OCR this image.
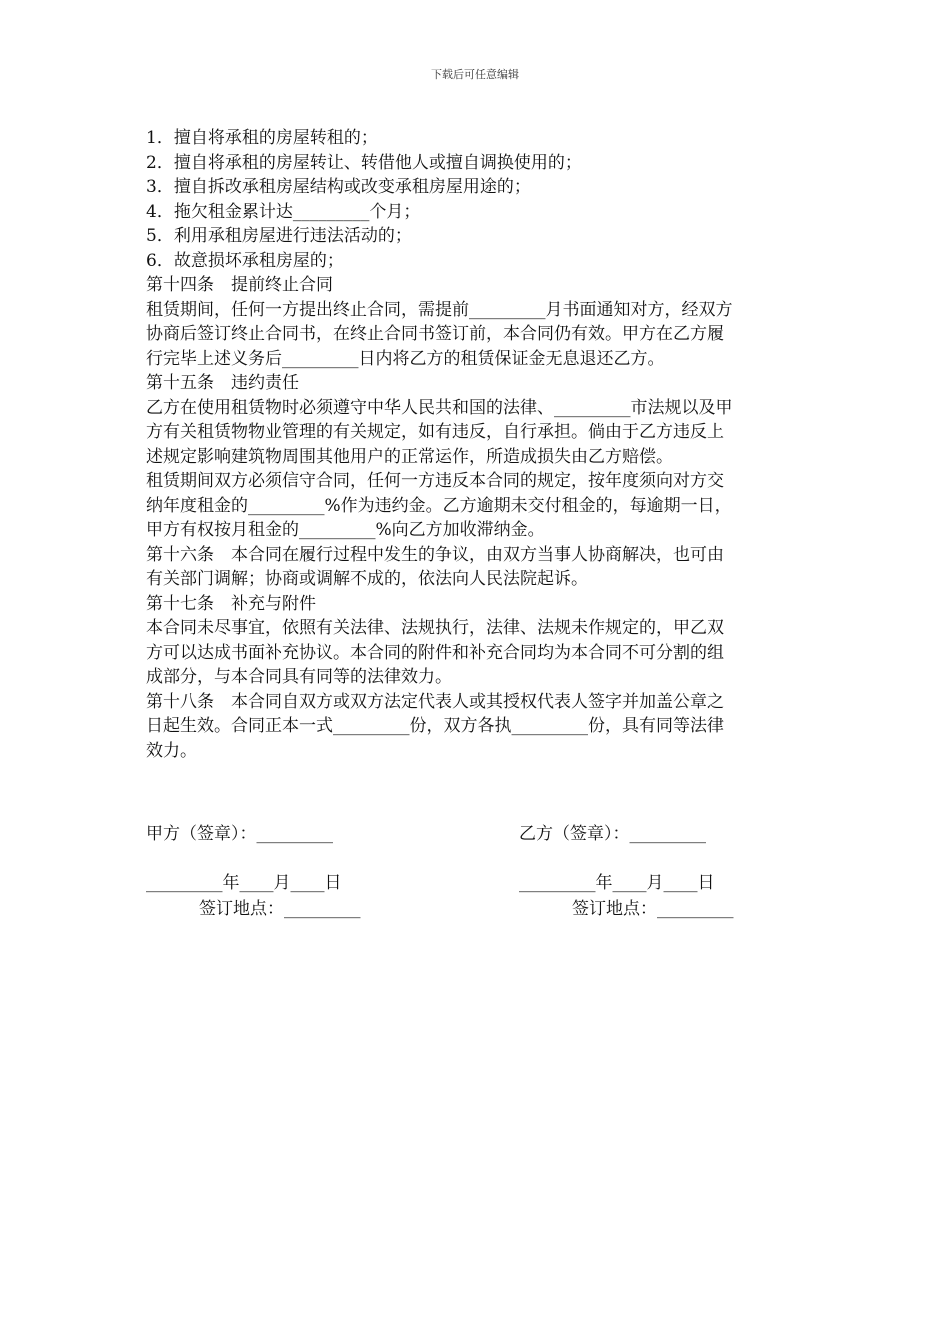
下载后可任意编辑

1．擅自将承租的房屋转租的；

2．擅自将承租的房屋转让、转借他人或擅自调换使用的；

3．擅自拆改承租房屋结构或改变承租房屋用途的；

4．拖欠租金累计达_________个月；

5．利用承租房屋进行违法活动的；

6．故意损坏承租房屋的；

第十四条　提前终止合同

租赁期间，任何一方提出终止合同，需提前_________月书面通知对方，经双方

协商后签订终止合同书，在终止合同书签订前，本合同仍有效。甲方在乙方履

行完毕上述义务后_________日内将乙方的租赁保证金无息退还乙方。

第十五条　违约责任

乙方在使用租赁物时必须遵守中华人民共和国的法律、_________市法规以及甲

方有关租赁物物业管理的有关规定，如有违反，自行承担。倘由于乙方违反上

述规定影响建筑物周围其他用户的正常运作，所造成损失由乙方赔偿。

租赁期间双方必须信守合同，任何一方违反本合同的规定，按年度须向对方交

纳年度租金的_________%作为违约金。乙方逾期未交付租金的，每逾期一日，

甲方有权按月租金的_________%向乙方加收滞纳金。

第十六条　本合同在履行过程中发生的争议，由双方当事人协商解决，也可由

有关部门调解；协商或调解不成的，依法向人民法院起诉。

第十七条　补充与附件

本合同未尽事宜，依照有关法律、法规执行，法律、法规未作规定的，甲乙双

方可以达成书面补充协议。本合同的附件和补充合同均为本合同不可分割的组

成部分，与本合同具有同等的法律效力。

第十八条　本合同自双方或双方法定代表人或其授权代表人签字并加盖公章之

日起生效。合同正本一式_________份，双方各执_________份，具有同等法律

效力。

甲方（签章）：_________	乙方（签章）：_________
_________年____月____日	_________年____月____日
签订地点：_________	签订地点：_________
